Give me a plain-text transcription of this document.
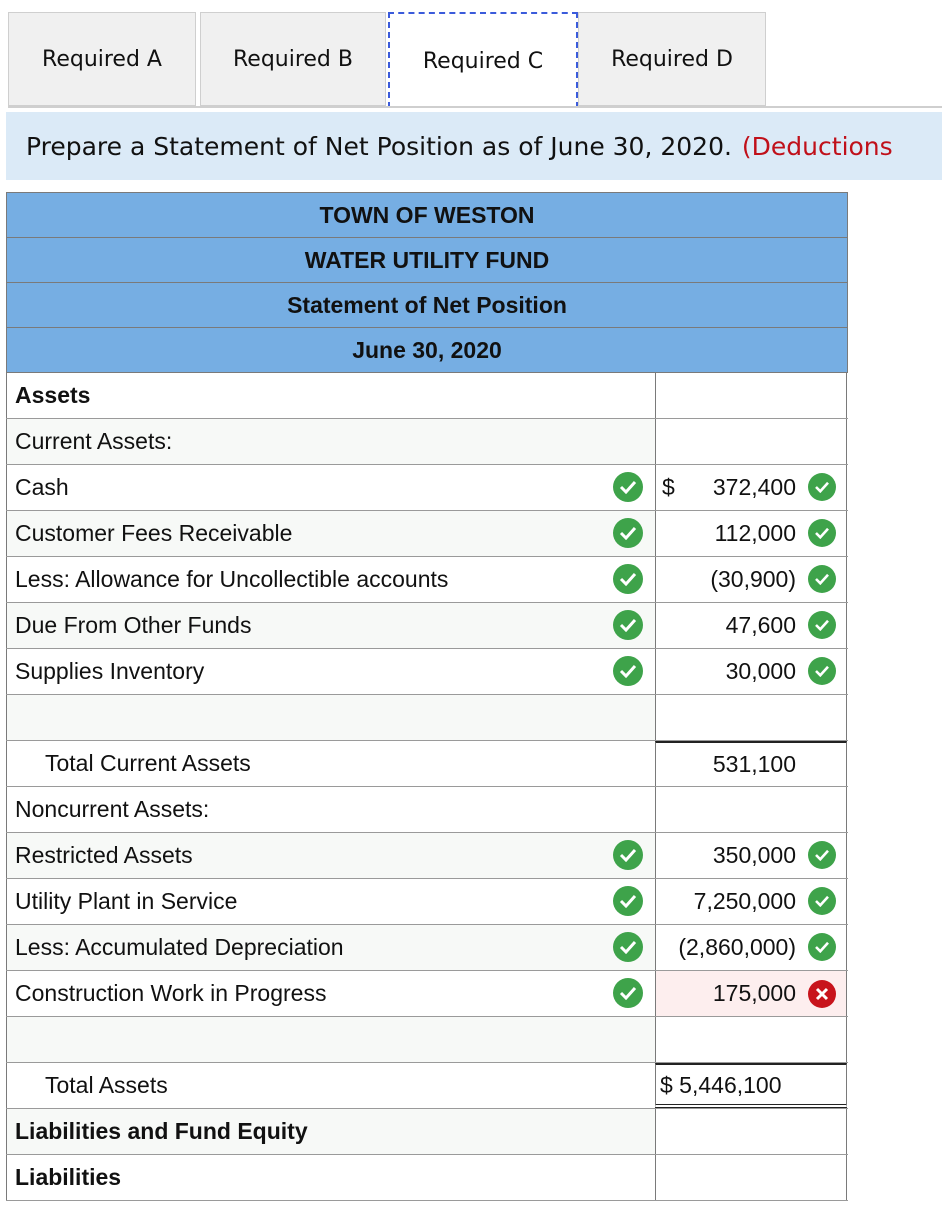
Required A	Required B	Required C	Required D
Prepare a Statement of Net Position as of June 30, 2020. (Deductions
TOWN OF WESTON
WATER UTILITY FUND
Statement of Net Position
June 30, 2020
Assets
Current Assets:
Cash	$ 372,400
Customer Fees Receivable	112,000
Less: Allowance for Uncollectible accounts	(30,900)
Due From Other Funds	47,600
Supplies Inventory	30,000
Total Current Assets	531,100
Noncurrent Assets:
Restricted Assets	350,000
Utility Plant in Service	7,250,000
Less: Accumulated Depreciation	(2,860,000)
Construction Work in Progress	175,000
Total Assets	$ 5,446,100
Liabilities and Fund Equity
Liabilities
